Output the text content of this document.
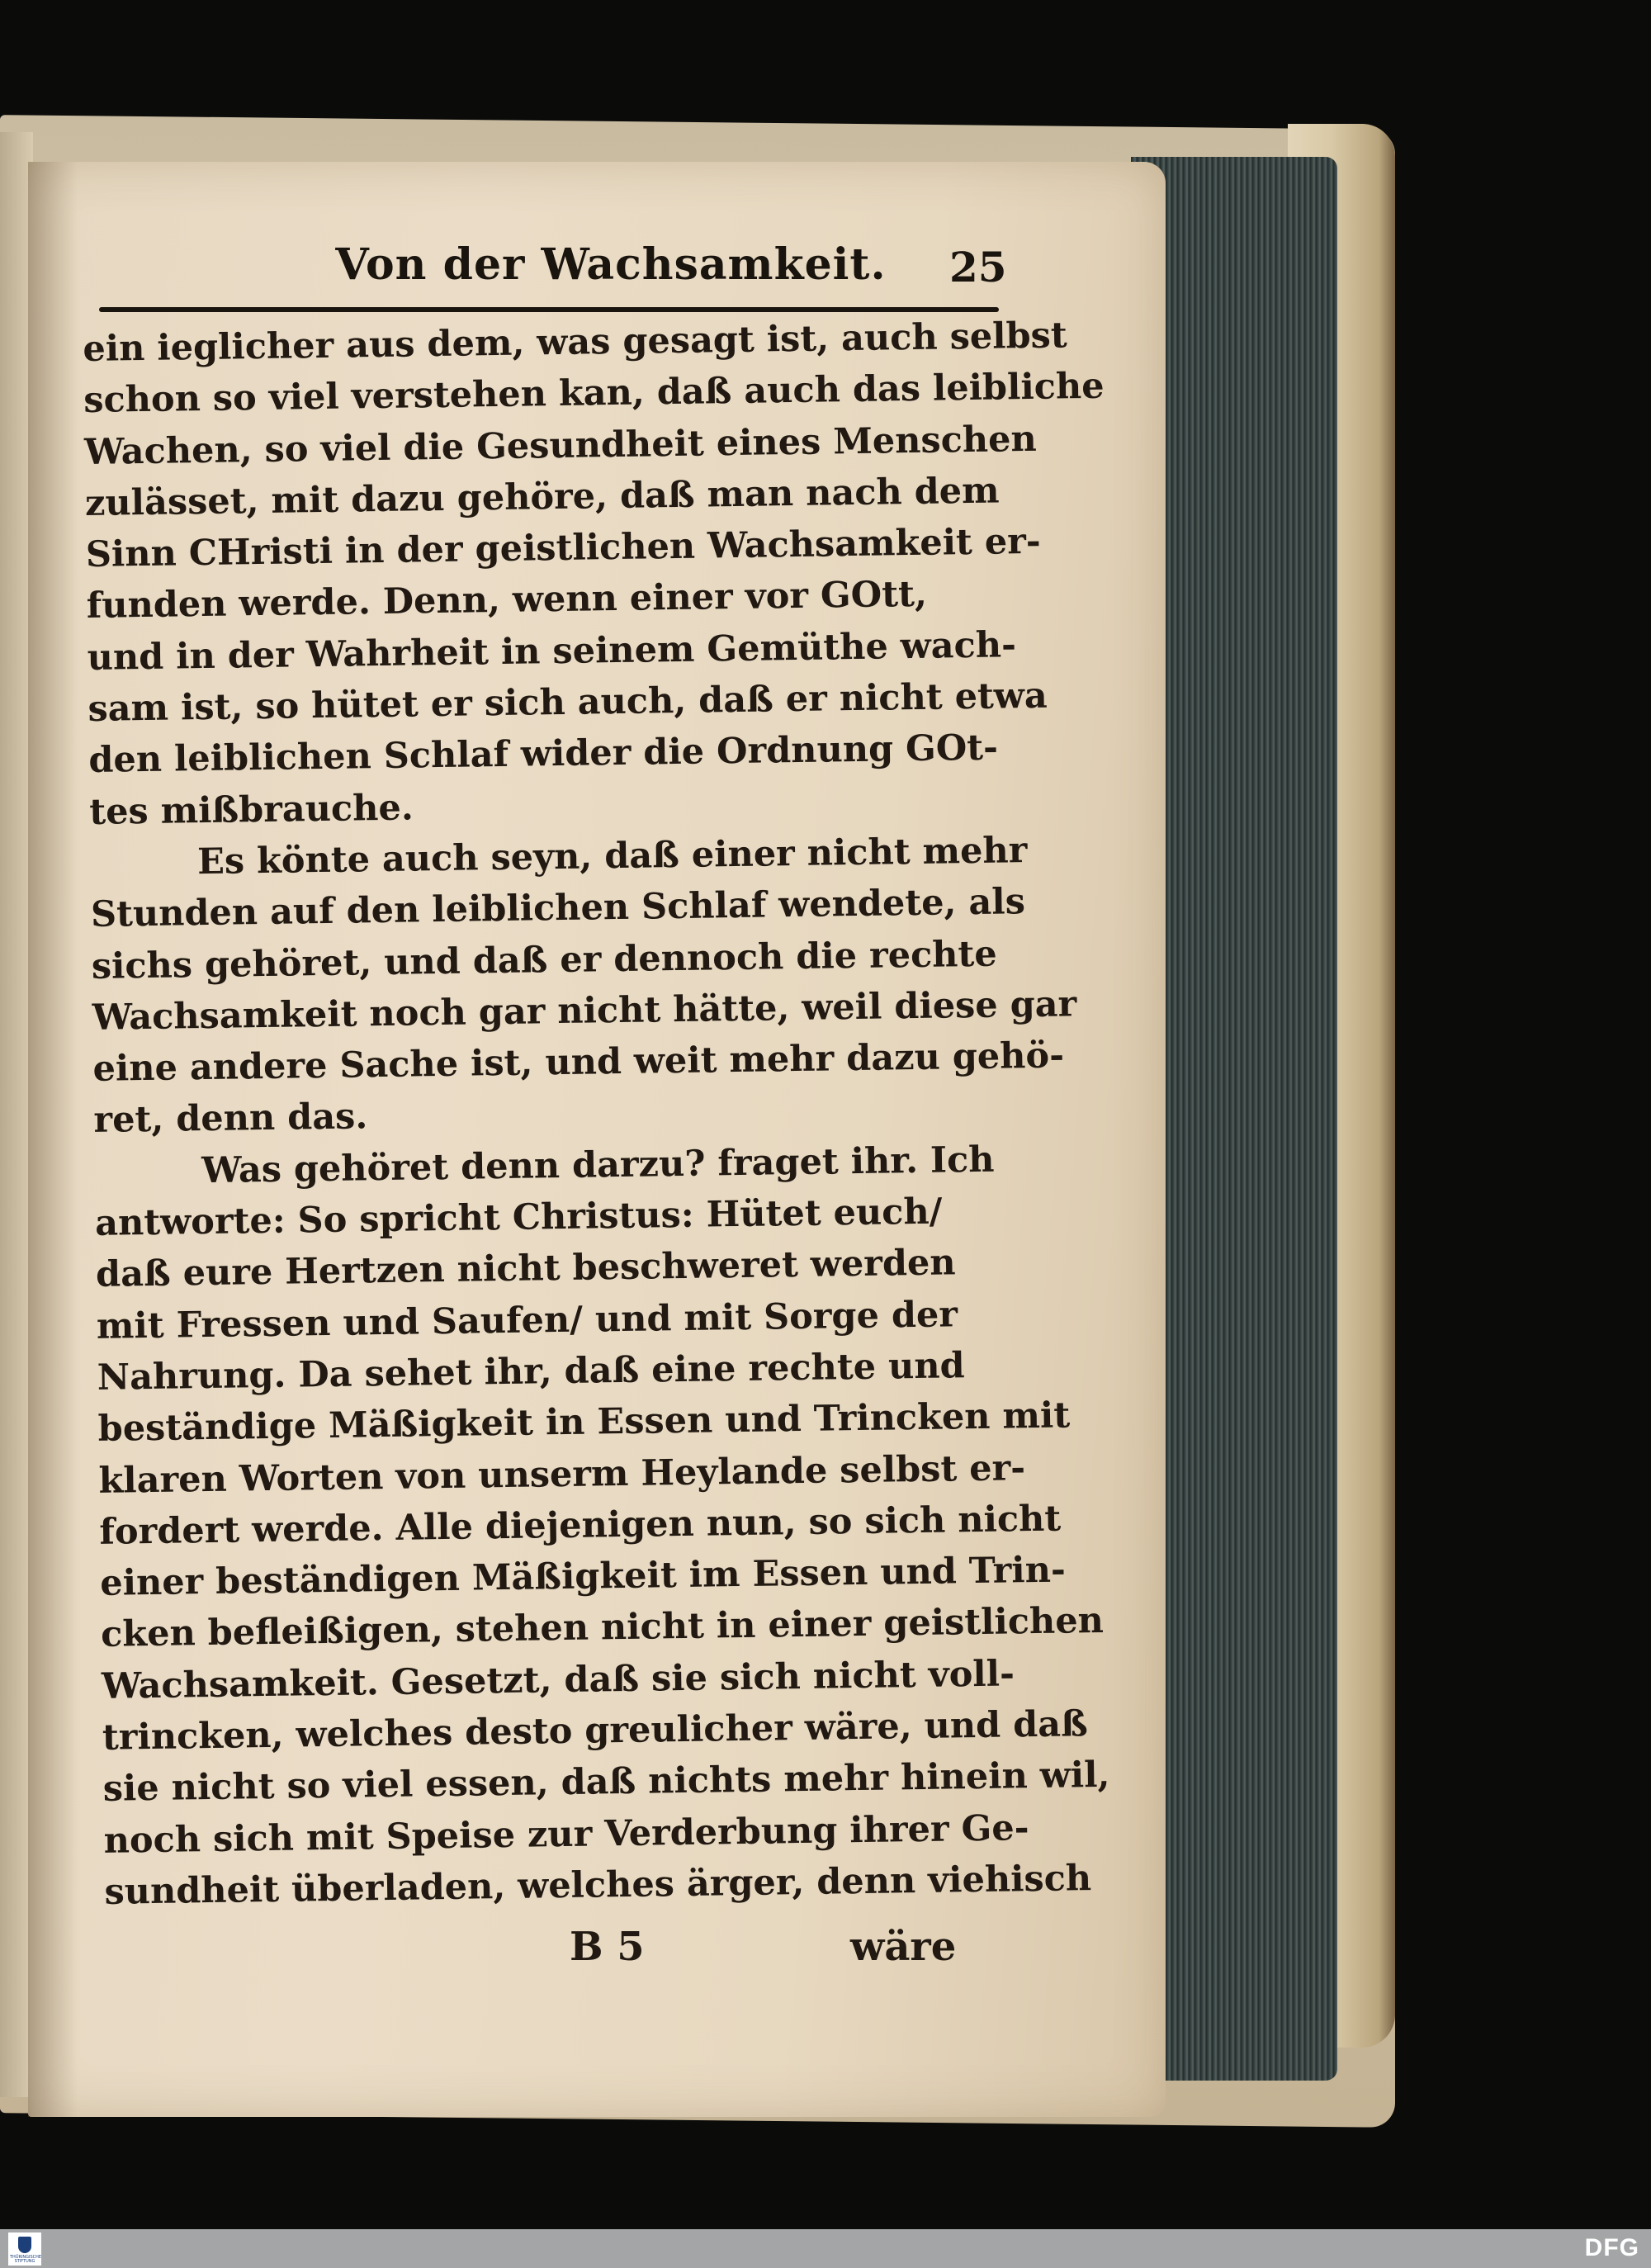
Von der Wachsamkeit.	25
ein ieglicher aus dem, was gesagt ist, auch selbst
schon so viel verstehen kan, daß auch das leibliche
Wachen, so viel die Gesundheit eines Menschen
zulässet, mit dazu gehöre, daß man nach dem
Sinn CHristi in der geistlichen Wachsamkeit er-
funden werde. Denn, wenn einer vor GOtt,
und in der Wahrheit in seinem Gemüthe wach-
sam ist, so hütet er sich auch, daß er nicht etwa
den leiblichen Schlaf wider die Ordnung GOt-
tes mißbrauche.
Es könte auch seyn, daß einer nicht mehr
Stunden auf den leiblichen Schlaf wendete, als
sichs gehöret, und daß er dennoch die rechte
Wachsamkeit noch gar nicht hätte, weil diese gar
eine andere Sache ist, und weit mehr dazu gehö-
ret, denn das.
Was gehöret denn darzu? fraget ihr. Ich
antworte: So spricht Christus: Hütet euch/
daß eure Hertzen nicht beschweret werden
mit Fressen und Saufen/ und mit Sorge der
Nahrung. Da sehet ihr, daß eine rechte und
beständige Mäßigkeit in Essen und Trincken mit
klaren Worten von unserm Heylande selbst er-
fordert werde. Alle diejenigen nun, so sich nicht
einer beständigen Mäßigkeit im Essen und Trin-
cken befleißigen, stehen nicht in einer geistlichen
Wachsamkeit. Gesetzt, daß sie sich nicht voll-
trincken, welches desto greulicher wäre, und daß
sie nicht so viel essen, daß nichts mehr hinein wil,
noch sich mit Speise zur Verderbung ihrer Ge-
sundheit überladen, welches ärger, denn viehisch
B 5	wäre
THÜRINGISCHE STIFTUNG	DFG
